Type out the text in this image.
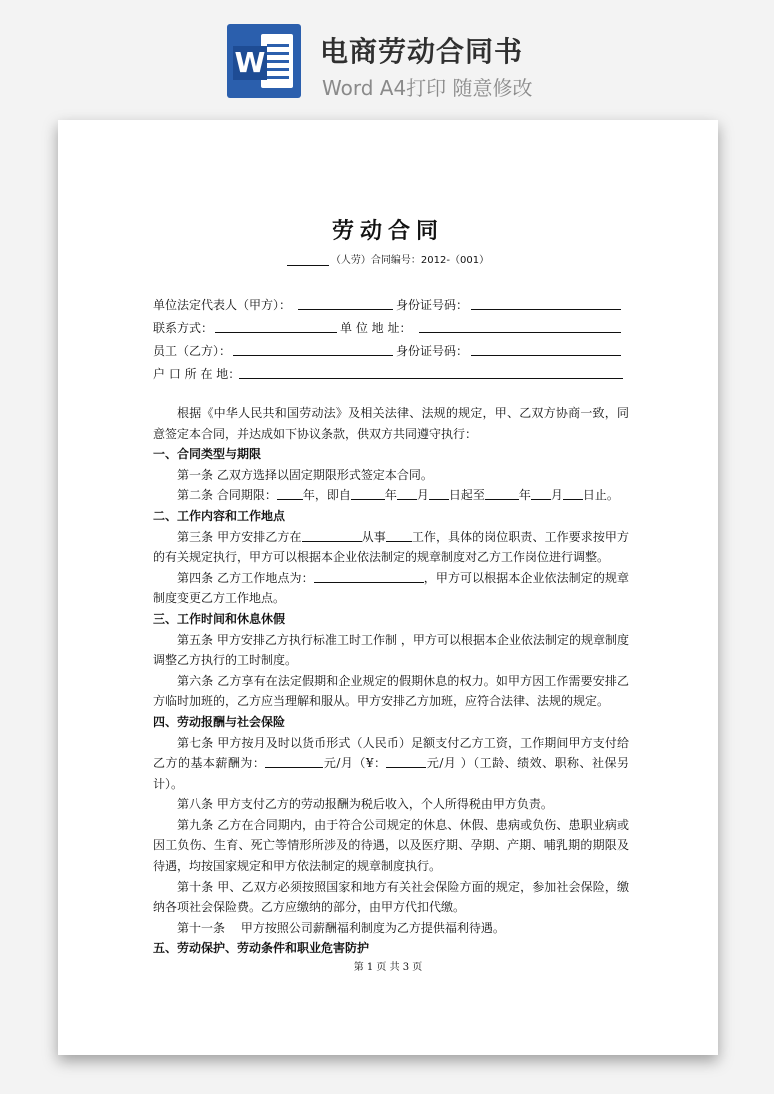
W 电商劳动合同书
Word A4打印 随意修改
劳动合同
（人劳）合同编号：2012-（001）
单位法定代表人（甲方）：	身份证号码：
联系方式：	单 位 地 址：
员工（乙方）：	身份证号码：
户 口 所 在 地：

根据《中华人民共和国劳动法》及相关法律、法规的规定，甲、乙双方协商一致，同意签定本合同，并达成如下协议条款，供双方共同遵守执行：

一、合同类型与期限

第一条 乙双方选择以固定期限形式签定本合同。

第二条 合同期限： 年，即自	年 月 日起至	年 月 日止。

二、工作内容和工作地点

第三条 甲方安排乙方在	从事 工作，具体的岗位职责、工作要求按甲方的有关规定执行，甲方可以根据本企业依法制定的规章制度对乙方工作岗位进行调整。

第四条 乙方工作地点为：	，甲方可以根据本企业依法制定的规章制度变更乙方工作地点。

三、工作时间和休息休假

第五条 甲方安排乙方执行标准工时工作制 ，甲方可以根据本企业依法制定的规章制度调整乙方执行的工时制度。

第六条 乙方享有在法定假期和企业规定的假期休息的权力。如甲方因工作需要安排乙方临时加班的，乙方应当理解和服从。甲方安排乙方加班，应符合法律、法规的规定。

四、劳动报酬与社会保险

第七条 甲方按月及时以货币形式（人民币）足额支付乙方工资，工作期间甲方支付给乙方的基本薪酬为：	元/月（¥：	元/月 ）（工龄、绩效、职称、社保另计）。

第八条 甲方支付乙方的劳动报酬为税后收入，个人所得税由甲方负责。

第九条 乙方在合同期内，由于符合公司规定的休息、休假、患病或负伤、患职业病或因工负伤、生育、死亡等情形所涉及的待遇，以及医疗期、孕期、产期、哺乳期的期限及待遇，均按国家规定和甲方依法制定的规章制度执行。

第十条 甲、乙双方必须按照国家和地方有关社会保险方面的规定，参加社会保险，缴纳各项社会保险费。乙方应缴纳的部分，由甲方代扣代缴。

第十一条　 甲方按照公司薪酬福利制度为乙方提供福利待遇。

五、劳动保护、劳动条件和职业危害防护

第 1 页 共 3 页
